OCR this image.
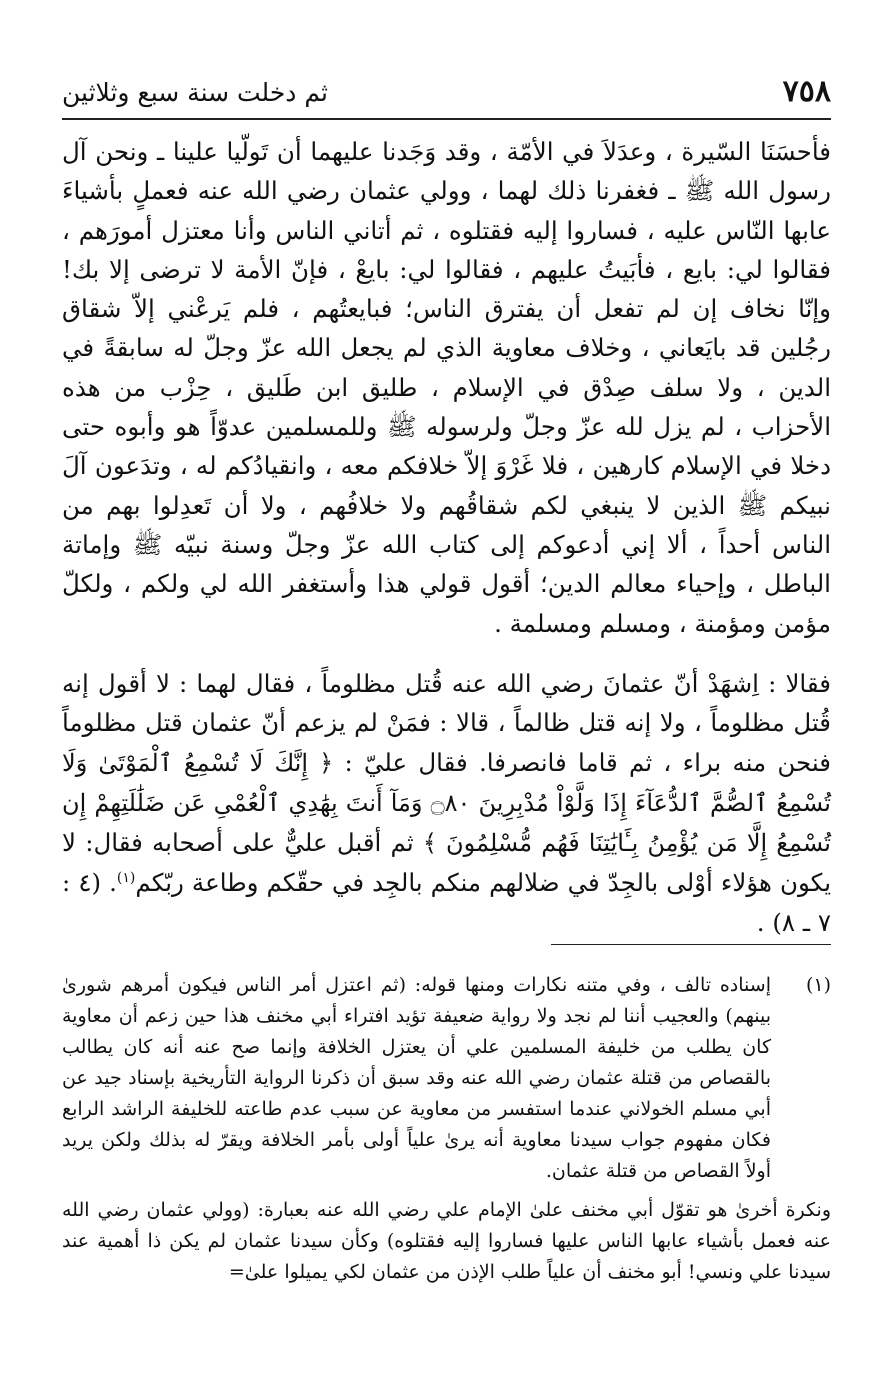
٧٥٨
ثم دخلت سنة سبع وثلاثين

فأحسَنَا السّيرة ، وعدَلاَ في الأمّة ، وقد وَجَدنا عليهما أن تَولّيا علينا ـ ونحن آل رسول الله ﷺ ـ فغفرنا ذلك لهما ، وولي عثمان رضي الله عنه فعملٍ بأشياءَ عابها النّاس عليه ، فساروا إليه فقتلوه ، ثم أتاني الناس وأنا معتزل أمورَهم ، فقالوا لي: بايع ، فأبَيتُ عليهم ، فقالوا لي: بايعْ ، فإنّ الأمة لا ترضى إلا بك! وإنّا نخاف إن لم تفعل أن يفترق الناس؛ فبايعتُهم ، فلم يَرعْني إلاّ شقاق رجُلين قد بايَعاني ، وخلاف معاوية الذي لم يجعل الله عزّ وجلّ له سابقةً في الدين ، ولا سلف صِدْق في الإسلام ، طليق ابن طَليق ، حِزْب من هذه الأحزاب ، لم يزل لله عزّ وجلّ ولرسوله ﷺ وللمسلمين عدوّاً هو وأبوه حتى دخلا في الإسلام كارهين ، فلا غَرْوَ إلاّ خلافكم معه ، وانقيادُكم له ، وتدَعون آلَ نبيكم ﷺ الذين لا ينبغي لكم شقاقُهم ولا خلافُهم ، ولا أن تَعدِلوا بهم من الناس أحداً ، ألا إني أدعوكم إلى كتاب الله عزّ وجلّ وسنة نبيّه ﷺ وإماتة الباطل ، وإحياء معالم الدين؛ أقول قولي هذا وأستغفر الله لي ولكم ، ولكلّ مؤمن ومؤمنة ، ومسلم ومسلمة .

فقالا : اِشهَدْ أنّ عثمانَ رضي الله عنه قُتل مظلوماً ، فقال لهما : لا أقول إنه قُتل مظلوماً ، ولا إنه قتل ظالماً ، قالا : فمَنْ لم يزعم أنّ عثمان قتل مظلوماً فنحن منه براء ، ثم قاما فانصرفا. فقال عليّ : ﴿ إِنَّكَ لَا تُسْمِعُ ٱلْمَوْتَىٰ وَلَا تُسْمِعُ ٱلصُّمَّ ٱلدُّعَآءَ إِذَا وَلَّوْاْ مُدْبِرِينَ ۝٨٠ وَمَآ أَنتَ بِهَٰدِي ٱلْعُمْىِ عَن ضَلَٰلَتِهِمْ إِن تُسْمِعُ إِلَّا مَن يُؤْمِنُ بِـَٔايَٰتِنَا فَهُم مُّسْلِمُونَ ﴾ ثم أقبل عليٌّ على أصحابه فقال: لا يكون هؤلاء أوْلى بالجِدّ في ضلالهم منكم بالجِد في حقّكم وطاعة ربّكم$^{(١)}$. (٤ : ٧ ـ ٨) .

(١)

إسناده تالف ، وفي متنه نكارات ومنها قوله: (ثم اعتزل أمر الناس فيكون أمرهم شورىٰ بينهم) والعجيب أننا لم نجد ولا رواية ضعيفة تؤيد افتراء أبي مخنف هذا حين زعم أن معاوية كان يطلب من خليفة المسلمين علي أن يعتزل الخلافة وإنما صح عنه أنه كان يطالب بالقصاص من قتلة عثمان رضي الله عنه وقد سبق أن ذكرنا الرواية التأريخية بإسناد جيد عن أبي مسلم الخولاني عندما استفسر من معاوية عن سبب عدم طاعته للخليفة الراشد الرابع فكان مفهوم جواب سيدنا معاوية أنه يرىٰ علياً أولى بأمر الخلافة ويقرّ له بذلك ولكن يريد أولاً القصاص من قتلة عثمان.

ونكرة أخرىٰ هو تقوّل أبي مخنف علىٰ الإمام علي رضي الله عنه بعبارة: (وولي عثمان رضي الله عنه فعمل بأشياء عابها الناس عليها فساروا إليه فقتلوه) وكأن سيدنا عثمان لم يكن ذا أهمية عند سيدنا علي ونسي! أبو مخنف أن علياً طلب الإذن من عثمان لكي يميلوا علىٰ=
